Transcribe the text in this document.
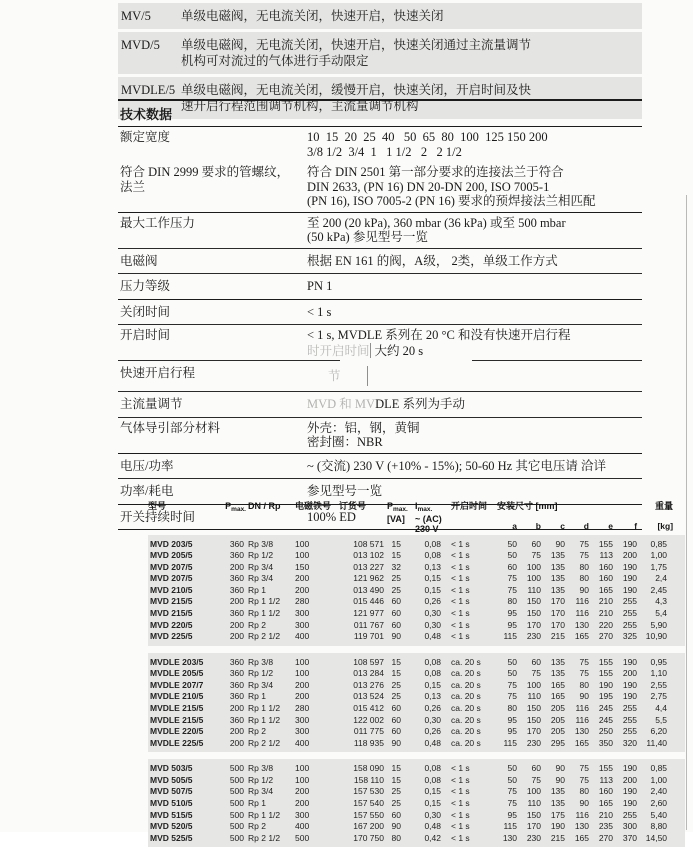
MV/5	单级电磁阀，无电流关闭，快速开启，快速关闭
MVD/5	单级电磁阀，无电流关闭，快速开启，快速关闭通过主流量调节
机构可对流过的气体进行手动限定
MVDLE/5 单级电磁阀，无电流关闭，缓慢开启，快速关闭，开启时间及快
速开启行程范围调节机构，主流量调节机构
技术数据
额定宽度	10  15  20  25  40   50  65  80  100  125 150 200
3/8 1/2  3/4  1   1 1/2   2   2 1/2
符合 DIN 2999 要求的管螺纹，
法兰
符合 DIN 2501 第一部分要求的连接法兰于符合
DIN 2633, (PN 16) DN 20-DN 200, ISO 7005-1
(PN 16), ISO 7005-2 (PN 16) 要求的预焊接法兰相匹配
最大工作压力	至 200 (20 kPa), 360 mbar (36 kPa) 或至 500 mbar
(50 kPa) 参见型号一览
电磁阀	根据 EN 161 的阀，A级， 2类，单级工作方式
压力等级	PN 1
关闭时间	< 1 s
开启时间	< 1 s, MVDLE 系列在 20 °C 和没有快速开启行程
时开启时间 大约 20 s
快速开启行程	节
主流量调节	MVD 和 MVDLE 系列为手动
气体导引部分材料	外壳：铝，钢，黄铜
密封圈：NBR
电压/功率	~ (交流) 230 V (+10% - 15%); 50-60 Hz 其它电压请 洽详
功率/耗电	参见型号一览
开关持续时间	100% ED
型号	$P_{max.}$	DN / Rp	电磁铁号	订货号	$P_{max.}$
[VA]
	$I_{max.}$
~ (AC)
230 V
	开启时间	安装尺寸 [mm]	重量
								a	b	c	d	e	f	[kg]
MVD 203/5	360	Rp 3/8	100	108 571	15	0,08	< 1 s	50	60	90	75	155	190	0,85
MVD 205/5	360	Rp 1/2	100	013 102	15	0,08	< 1 s	50	75	135	75	113	200	1,00
MVD 207/5	200	Rp 3/4	150	013 227	32	0,13	< 1 s	60	100	135	80	160	190	1,75
MVD 207/5	360	Rp 3/4	200	121 962	25	0,15	< 1 s	75	100	135	80	160	190	2,4
MVD 210/5	360	Rp 1	200	013 490	25	0,15	< 1 s	75	110	135	90	165	190	2,45
MVD 215/5	200	Rp 1 1/2	280	015 446	60	0,26	< 1 s	80	150	170	116	210	255	4,3
MVD 215/5	360	Rp 1 1/2	300	121 977	60	0,30	< 1 s	95	150	170	116	210	255	5,4
MVD 220/5	200	Rp 2	300	011 767	60	0,30	< 1 s	95	170	170	130	220	255	5,90
MVD 225/5	200	Rp 2 1/2	400	119 701	90	0,48	< 1 s	115	230	215	165	270	325	10,90

MVDLE 203/5	360	Rp 3/8	100	108 597	15	0,08	ca. 20 s	50	60	135	75	155	190	0,95
MVDLE 205/5	360	Rp 1/2	100	013 284	15	0,08	ca. 20 s	50	75	135	75	155	200	1,10
MVDLE 207/7	360	Rp 3/4	200	013 276	25	0,15	ca. 20 s	75	100	165	80	190	190	2,55
MVDLE 210/5	360	Rp 1	200	013 524	25	0,13	ca. 20 s	75	110	165	90	195	190	2,75
MVDLE 215/5	200	Rp 1 1/2	280	015 412	60	0,26	ca. 20 s	80	150	205	116	245	255	4,4
MVDLE 215/5	360	Rp 1 1/2	300	122 002	60	0,30	ca. 20 s	95	150	205	116	245	255	5,5
MVDLE 220/5	200	Rp 2	300	011 775	60	0,26	ca. 20 s	95	170	205	130	250	255	6,20
MVDLE 225/5	200	Rp 2 1/2	400	118 935	90	0,48	ca. 20 s	115	230	295	165	350	320	11,40

MVD 503/5	500	Rp 3/8	100	158 090	15	0,08	< 1 s	50	60	90	75	155	190	0,85
MVD 505/5	500	Rp 1/2	100	158 110	15	0,08	< 1 s	50	75	90	75	113	200	1,00
MVD 507/5	500	Rp 3/4	200	157 530	25	0,15	< 1 s	75	100	135	80	160	190	2,40
MVD 510/5	500	Rp 1	200	157 540	25	0,15	< 1 s	75	110	135	90	165	190	2,60
MVD 515/5	500	Rp 1 1/2	300	157 550	60	0,30	< 1 s	95	150	175	116	210	255	5,40
MVD 520/5	500	Rp 2	400	167 200	90	0,48	< 1 s	115	170	190	130	235	300	8,80
MVD 525/5	500	Rp 2 1/2	500	170 750	80	0,42	< 1 s	130	230	215	165	270	370	14,50
